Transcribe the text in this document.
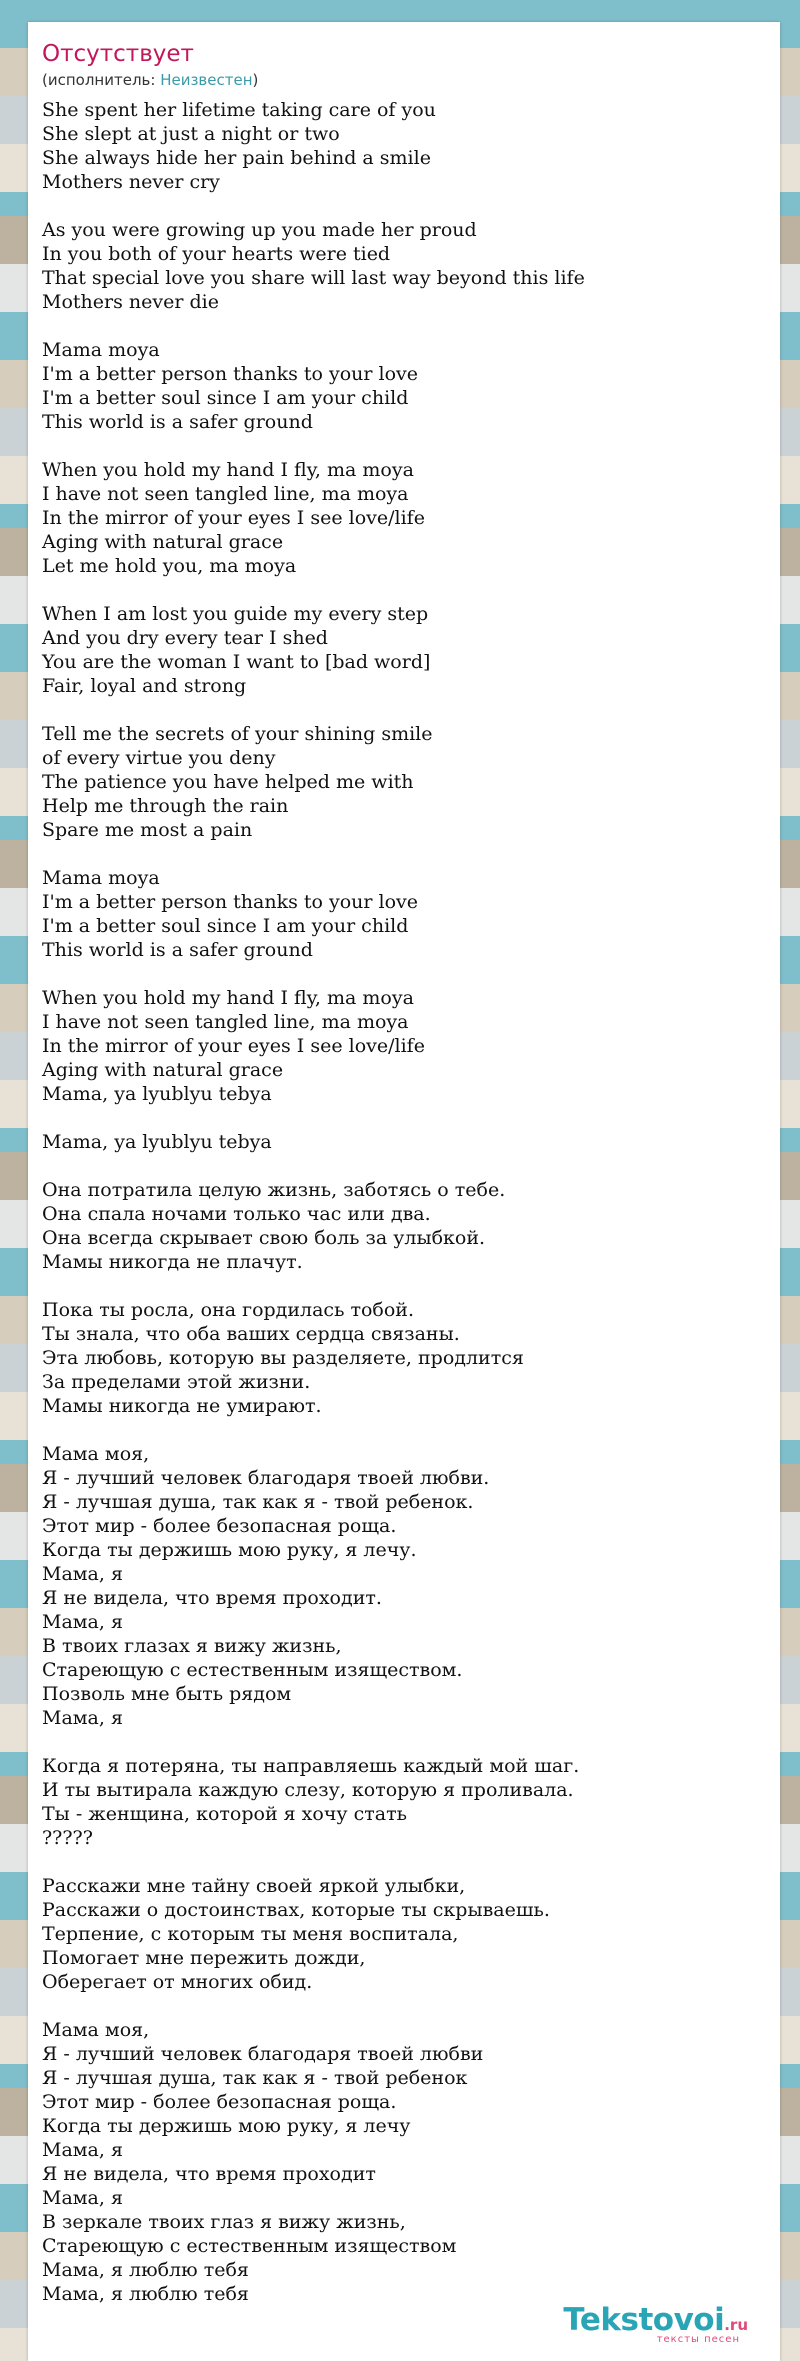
Отсутствует
(исполнитель: Неизвестен)
She spent her lifetime taking care of you
She slept at just a night or two
She always hide her pain behind a smile
Mothers never cry
As you were growing up you made her proud
In you both of your hearts were tied
That special love you share will last way beyond this life
Mothers never die
Mama moya
I'm a better person thanks to your love
I'm a better soul since I am your child
This world is a safer ground
When you hold my hand I fly, ma moya
I have not seen tangled line, ma moya
In the mirror of your eyes I see love/life
Aging with natural grace
Let me hold you, ma moya
When I am lost you guide my every step
And you dry every tear I shed
You are the woman I want to [bad word]
Fair, loyal and strong
Tell me the secrets of your shining smile
of every virtue you deny
The patience you have helped me with
Help me through the rain
Spare me most a pain
Mama moya
I'm a better person thanks to your love
I'm a better soul since I am your child
This world is a safer ground
When you hold my hand I fly, ma moya
I have not seen tangled line, ma moya
In the mirror of your eyes I see love/life
Aging with natural grace
Mama, ya lyublyu tebya
Mama, ya lyublyu tebya
Она потратила целую жизнь, заботясь о тебе.
Она спала ночами только час или два.
Она всегда скрывает свою боль за улыбкой.
Мамы никогда не плачут.
Пока ты росла, она гордилась тобой.
Ты знала, что оба ваших сердца связаны.
Эта любовь, которую вы разделяете, продлится
За пределами этой жизни.
Мамы никогда не умирают.
Мама моя,
Я - лучший человек благодаря твоей любви.
Я - лучшая душа, так как я - твой ребенок.
Этот мир - более безопасная роща.
Когда ты держишь мою руку, я лечу.
Мама, я
Я не видела, что время проходит.
Мама, я
В твоих глазах я вижу жизнь,
Стареющую с естественным изяществом.
Позволь мне быть рядом
Мама, я
Когда я потеряна, ты направляешь каждый мой шаг.
И ты вытирала каждую слезу, которую я проливала.
Ты - женщина, которой я хочу стать
?????
Расскажи мне тайну своей яркой улыбки,
Расскажи о достоинствах, которые ты скрываешь.
Терпение, с которым ты меня воспитала,
Помогает мне пережить дожди,
Оберегает от многих обид.
Мама моя,
Я - лучший человек благодаря твоей любви
Я - лучшая душа, так как я - твой ребенок
Этот мир - более безопасная роща.
Когда ты держишь мою руку, я лечу
Мама, я
Я не видела, что время проходит
Мама, я
В зеркале твоих глаз я вижу жизнь,
Стареющую с естественным изяществом
Мама, я люблю тебя
Мама, я люблю тебя
Tekstovoi.ru
тексты песен
